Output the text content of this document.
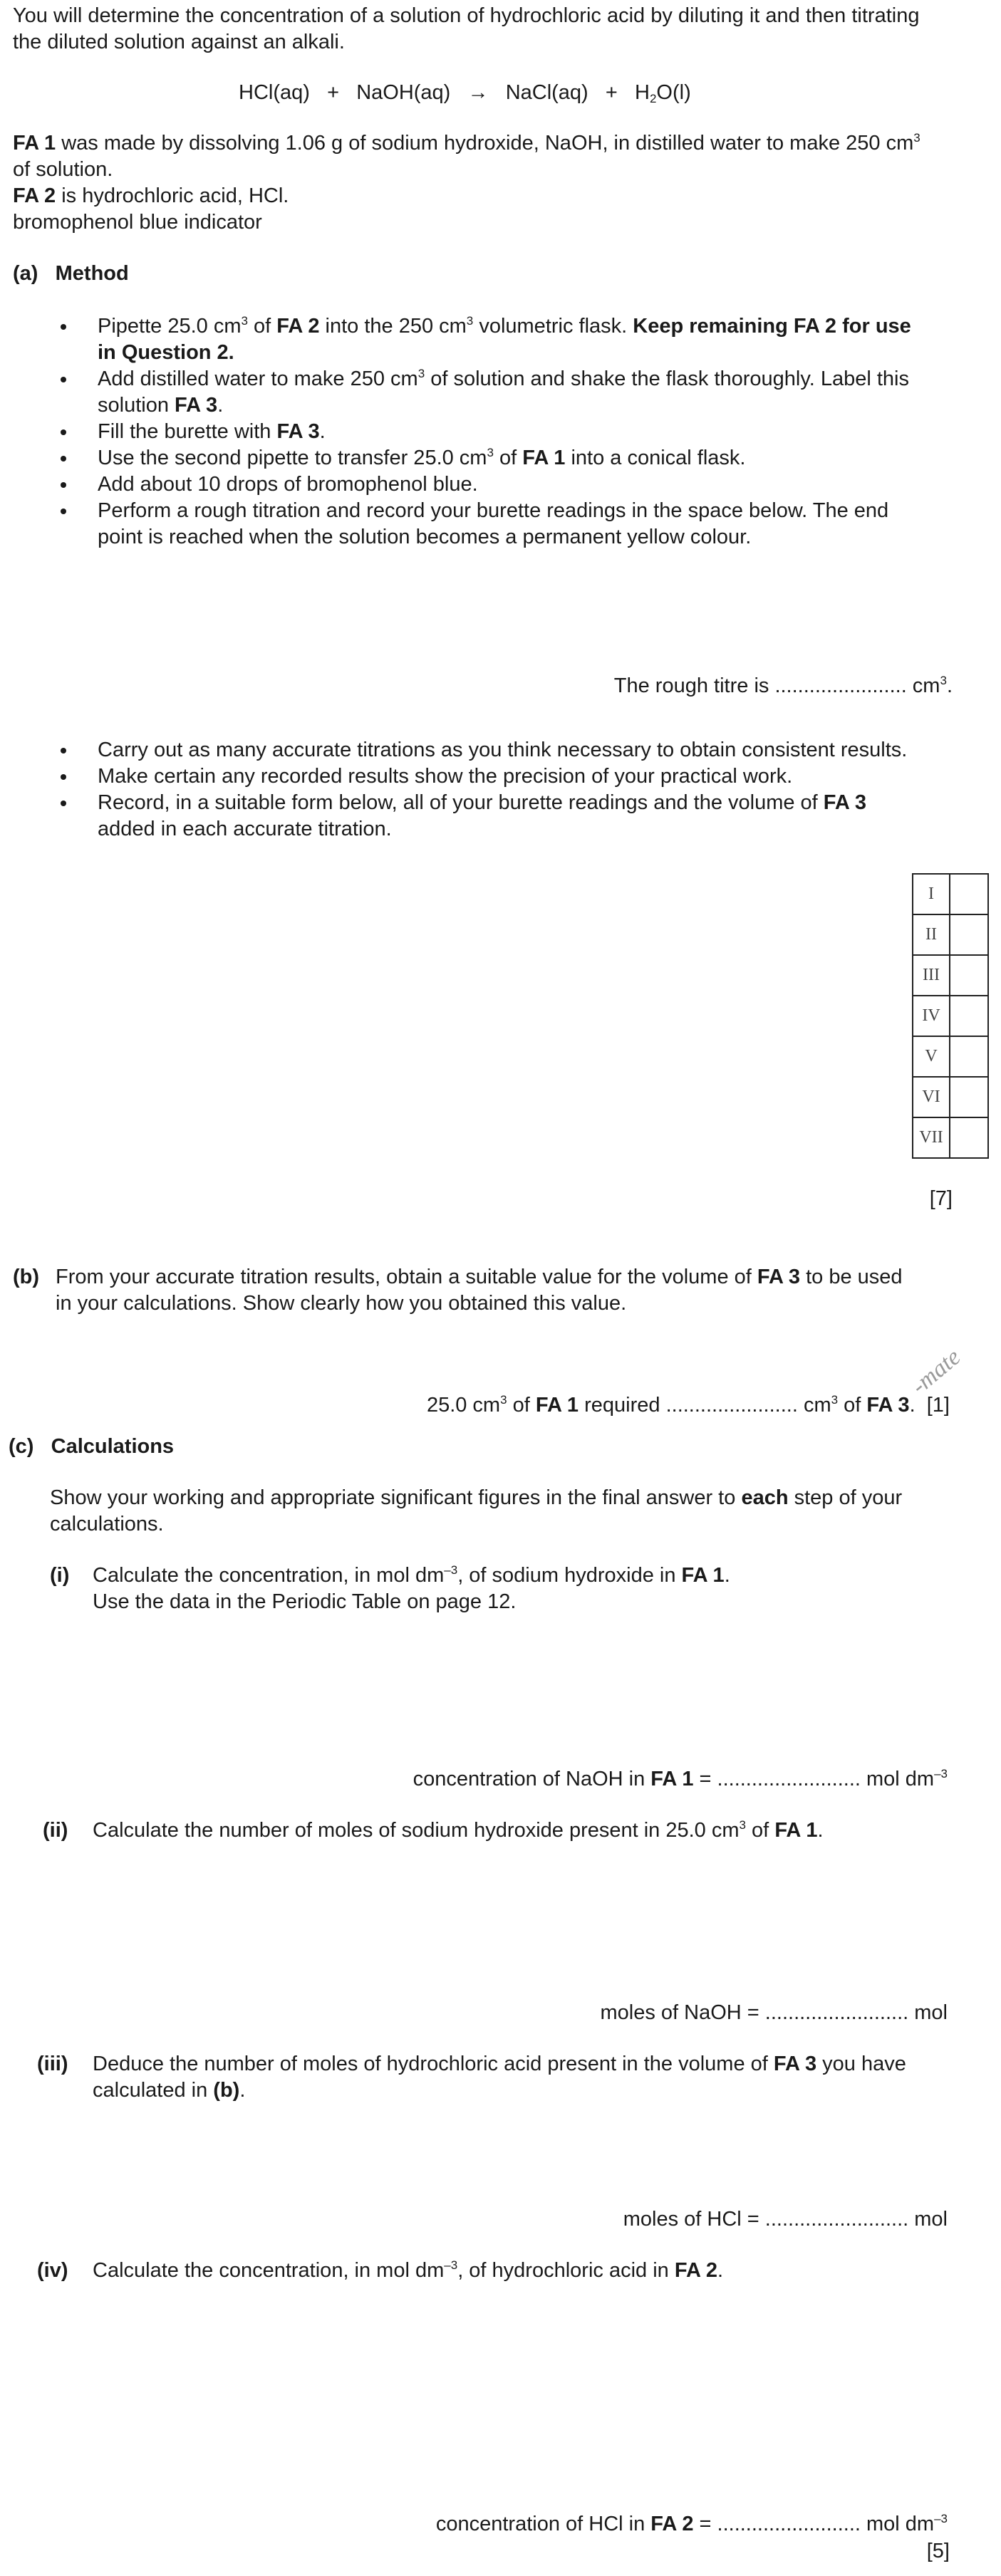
You will determine the concentration of a solution of hydrochloric acid by diluting it and then titrating
the diluted solution against an alkali.
HCl(aq) + NaOH(aq) → NaCl(aq) + $H_2O(l)$
FA 1 was made by dissolving 1.06 g of sodium hydroxide, NaOH, in distilled water to make 250 $cm^3$
of solution.
FA 2 is hydrochloric acid, HCl.
bromophenol blue indicator
(a) Method
Pipette 25.0 $cm^3$ of FA 2 into the 250 $cm^3$ volumetric flask. Keep remaining FA 2 for use
in Question 2.
Add distilled water to make 250 $cm^3$ of solution and shake the flask thoroughly. Label this
solution FA 3.
Fill the burette with FA 3.
Use the second pipette to transfer 25.0 $cm^3$ of FA 1 into a conical flask.
Add about 10 drops of bromophenol blue.
Perform a rough titration and record your burette readings in the space below. The end
point is reached when the solution becomes a permanent yellow colour.
The rough titre is ....................... $cm^3$.
Carry out as many accurate titrations as you think necessary to obtain consistent results.
Make certain any recorded results show the precision of your practical work.
Record, in a suitable form below, all of your burette readings and the volume of FA 3
added in each accurate titration.
I	
II	
III	
IV	
V	
VI	
VII	
[7]
(b) From your accurate titration results, obtain a suitable value for the volume of FA 3 to be used
in your calculations. Show clearly how you obtained this value.
25.0 $cm^3$ of FA 1 required ....................... $cm^3$ of FA 3. [1]
-mate
(c) Calculations
Show your working and appropriate significant figures in the final answer to each step of your
calculations.
(i) Calculate the concentration, in mol $dm^{-3}$, of sodium hydroxide in FA 1.
Use the data in the Periodic Table on page 12.
concentration of NaOH in FA 1 = ......................... mol $dm^{-3}$
(ii) Calculate the number of moles of sodium hydroxide present in 25.0 $cm^3$ of FA 1.
moles of NaOH = ......................... mol
(iii) Deduce the number of moles of hydrochloric acid present in the volume of FA 3 you have
calculated in (b).
moles of HCl = ......................... mol
(iv) Calculate the concentration, in mol $dm^{-3}$, of hydrochloric acid in FA 2.
concentration of HCl in FA 2 = ......................... mol $dm^{-3}$
[5]
